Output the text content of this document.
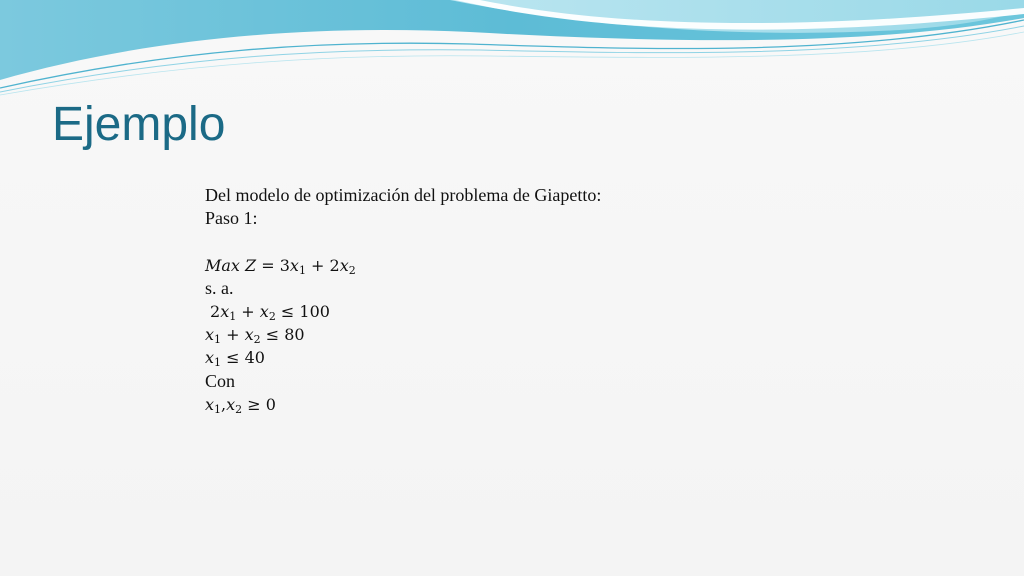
Ejemplo
Del modelo de optimización del problema de Giapetto:
Paso 1:
Max $Z = 3x_1 + 2x_2$
s. a.
$2x_1 + x_2 \le 100$
$x_1 + x_2 \le 80$
$x_1 \le 40$
Con
$x_1,x_2 \ge 0$
